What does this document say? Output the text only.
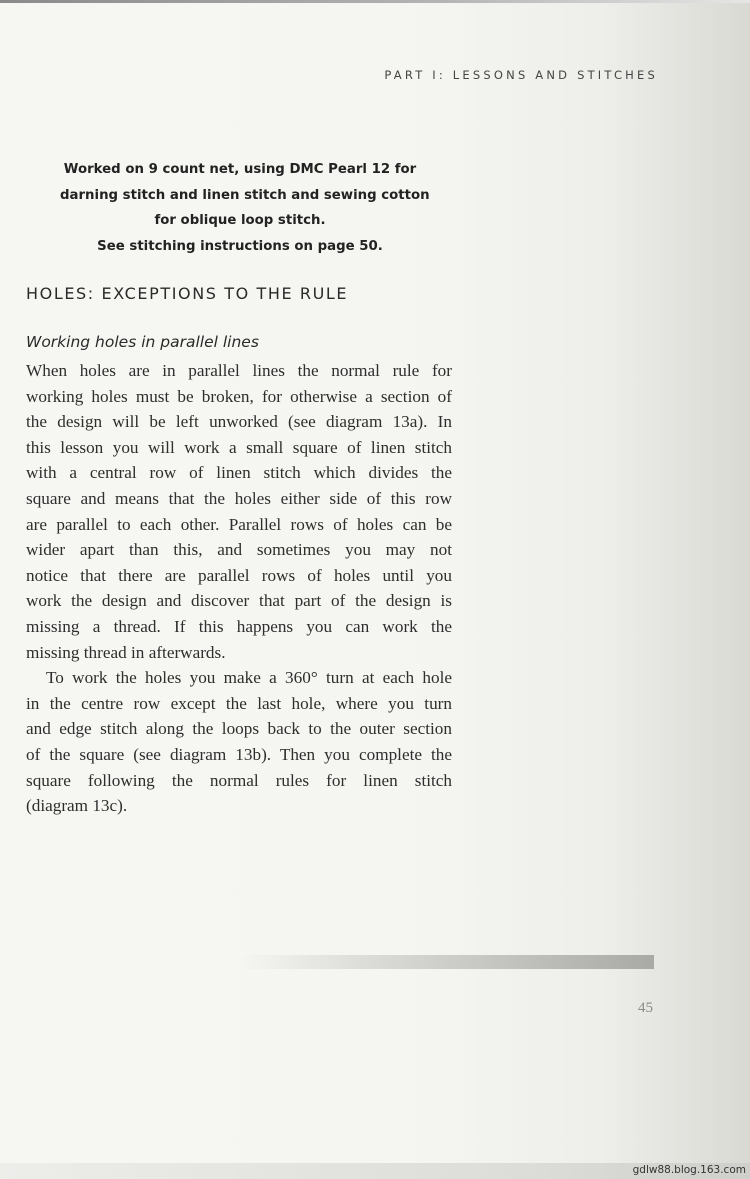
PART I: LESSONS AND STITCHES
Worked on 9 count net, using DMC Pearl 12 for
darning stitch and linen stitch and sewing cotton
for oblique loop stitch.
See stitching instructions on page 50.
HOLES: EXCEPTIONS TO THE RULE
Working holes in parallel lines
When holes are in parallel lines the normal rule for
working holes must be broken, for otherwise a section of
the design will be left unworked (see diagram 13a). In
this lesson you will work a small square of linen stitch
with a central row of linen stitch which divides the
square and means that the holes either side of this row
are parallel to each other. Parallel rows of holes can be
wider apart than this, and sometimes you may not
notice that there are parallel rows of holes until you
work the design and discover that part of the design is
missing a thread. If this happens you can work the
missing thread in afterwards.
To work the holes you make a 360° turn at each hole
in the centre row except the last hole, where you turn
and edge stitch along the loops back to the outer section
of the square (see diagram 13b). Then you complete the
square following the normal rules for linen stitch
(diagram 13c).
45
gdlw88.blog.163.com
